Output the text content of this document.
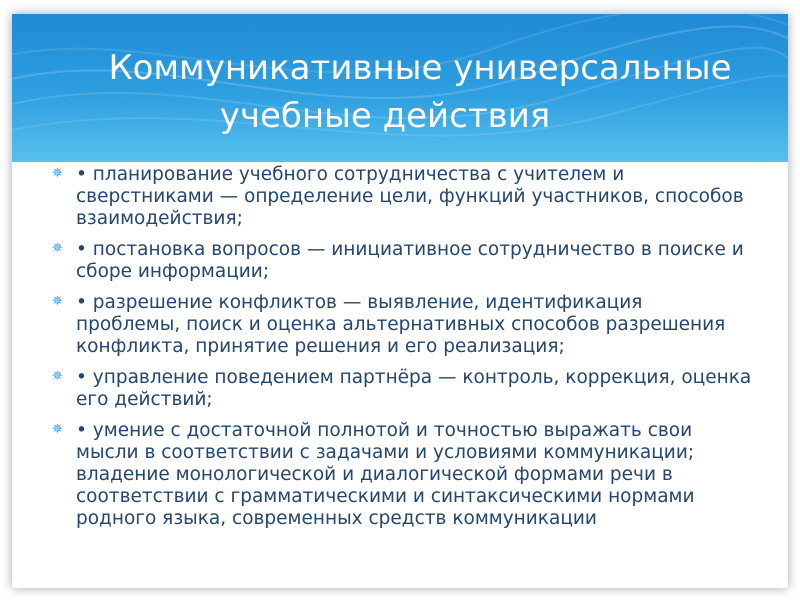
Коммуникативные универсальные
учебные действия
✵ • планирование учебного сотрудничества с учителем и сверстниками — определение цели, функций участников, способов взаимодействия;
✵ • постановка вопросов — инициативное сотрудничество в поиске и сборе информации;
✵ • разрешение конфликтов — выявление, идентификация проблемы, поиск и оценка альтернативных способов разрешения конфликта, принятие решения и его реализация;
✵ • управление поведением партнёра — контроль, коррекция, оценка его действий;
✵ • умение с достаточной полнотой и точностью выражать свои мысли в соответствии с задачами и условиями коммуникации; владение монологической и диалогической формами речи в соответствии с грамматическими и синтаксическими нормами родного языка, современных средств коммуникации
